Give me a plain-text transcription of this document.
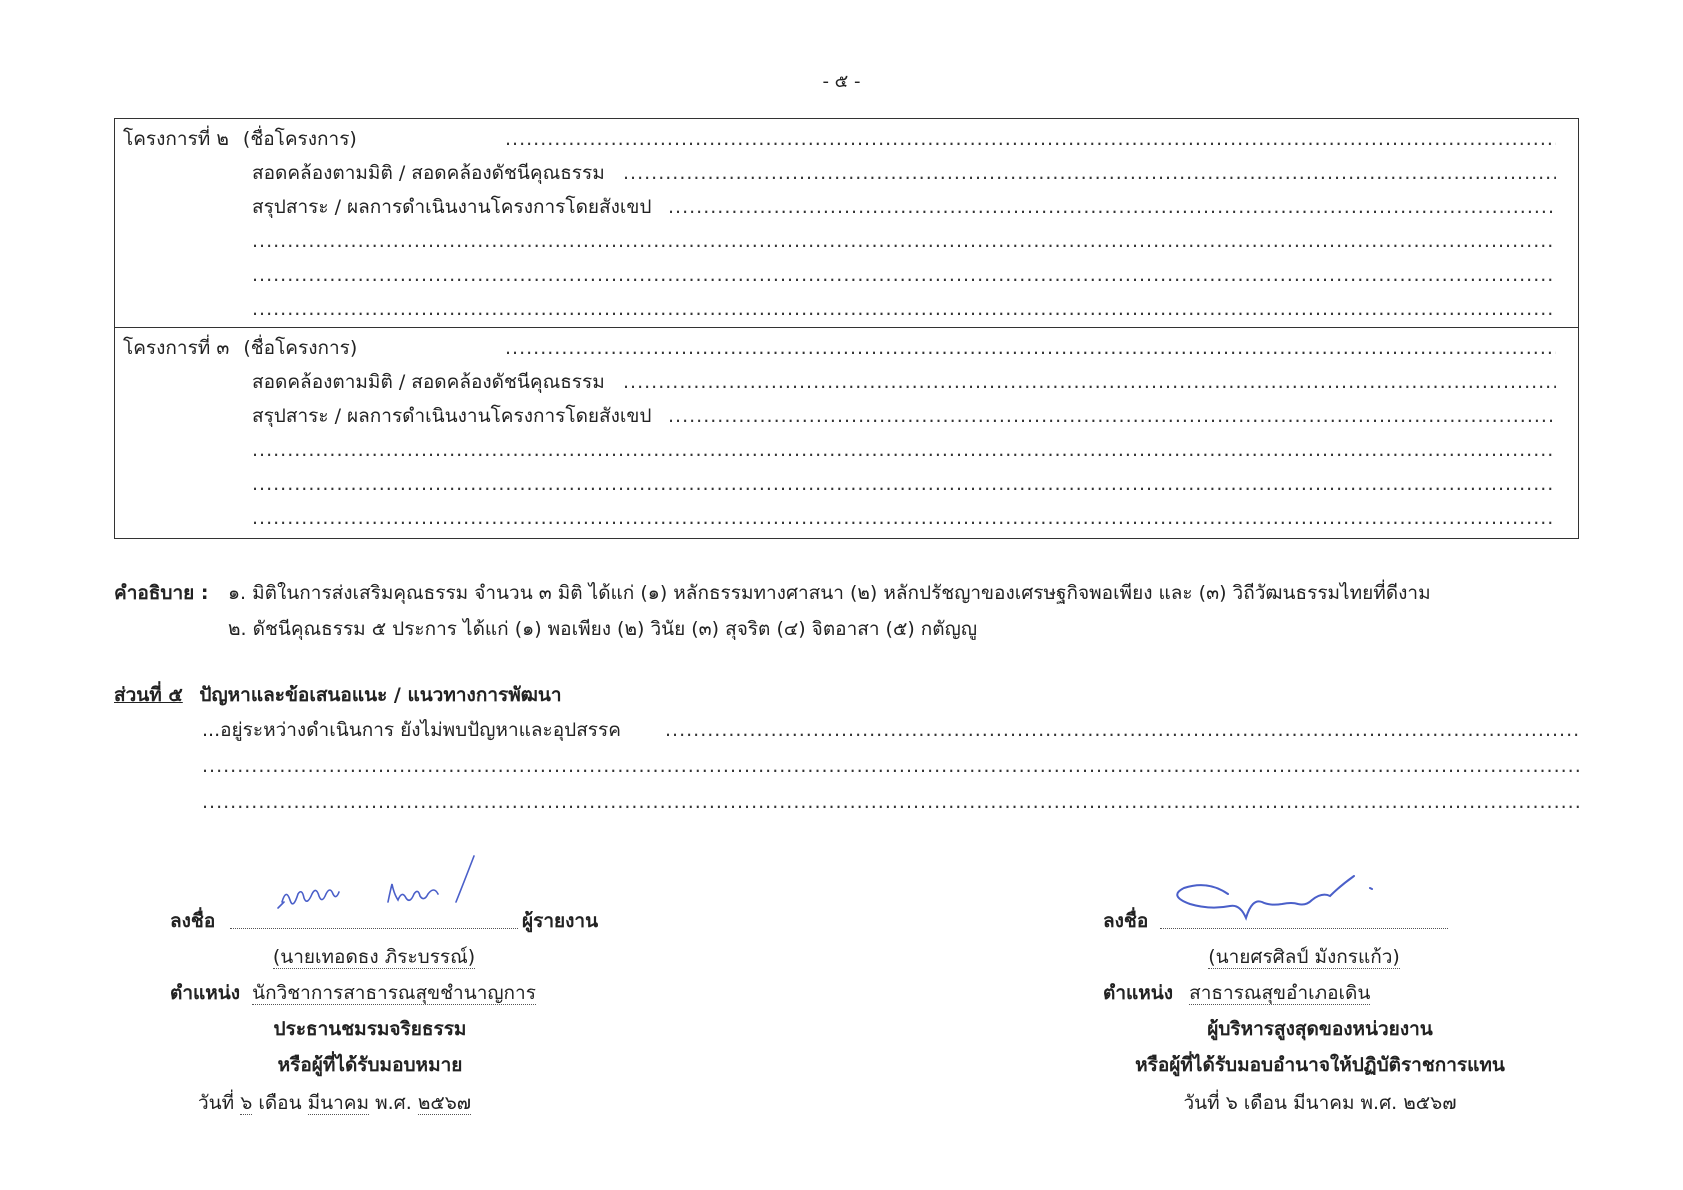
- ๕ -
โครงการที่ ๒ (ชื่อโครงการ)
.....
สอดคล้องตามมิติ / สอดคล้องดัชนีคุณธรรม
.....
สรุปสาระ / ผลการดำเนินงานโครงการโดยสังเขป
.....
.....
.....
.....
โครงการที่ ๓ (ชื่อโครงการ)
.....
สอดคล้องตามมิติ / สอดคล้องดัชนีคุณธรรม
.....
สรุปสาระ / ผลการดำเนินงานโครงการโดยสังเขป
.....
.....
.....
.....
คำอธิบาย : ๑. มิติในการส่งเสริมคุณธรรม จำนวน ๓ มิติ ได้แก่ (๑) หลักธรรมทางศาสนา (๒) หลักปรัชญาของเศรษฐกิจพอเพียง และ (๓) วิถีวัฒนธรรมไทยที่ดีงาม
๒. ดัชนีคุณธรรม ๕ ประการ ได้แก่ (๑) พอเพียง (๒) วินัย (๓) สุจริต (๔) จิตอาสา (๕) กตัญญู
ส่วนที่ ๕ ปัญหาและข้อเสนอแนะ / แนวทางการพัฒนา
...อยู่ระหว่างดำเนินการ ยังไม่พบปัญหาและอุปสรรค
.....
.....
.....
ลงชื่อ	ผู้รายงาน
(นายเทอดธง ภิระบรรณ์)
ตำแหน่ง นักวิชาการสาธารณสุขชำนาญการ
ประธานชมรมจริยธรรม
หรือผู้ที่ได้รับมอบหมาย
วันที่ ๖ เดือน มีนาคม พ.ศ. ๒๕๖๗
ลงชื่อ
(นายศรศิลป์ มังกรแก้ว)
ตำแหน่ง สาธารณสุขอำเภอเดิน
ผู้บริหารสูงสุดของหน่วยงาน
หรือผู้ที่ได้รับมอบอำนาจให้ปฏิบัติราชการแทน
วันที่ ๖ เดือน มีนาคม พ.ศ. ๒๕๖๗
